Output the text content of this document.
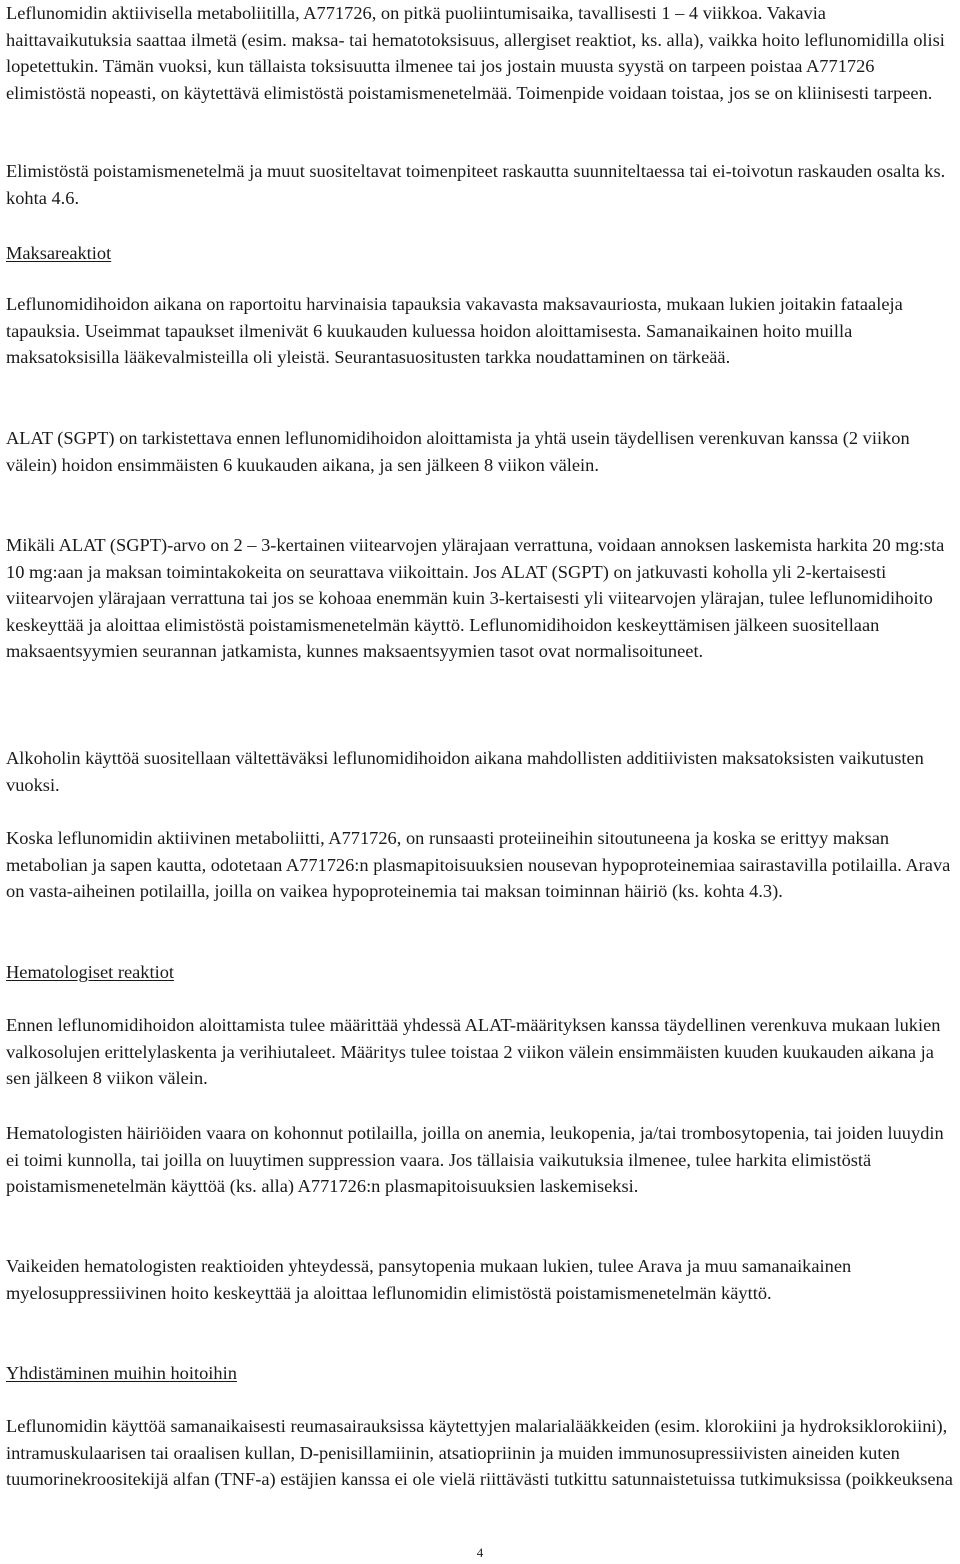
Leflunomidin aktiivisella metaboliitilla, A771726, on pitkä puoliintumisaika, tavallisesti 1 – 4 viikkoa. Vakavia haittavaikutuksia saattaa ilmetä (esim. maksa- tai hematotoksisuus, allergiset reaktiot, ks. alla), vaikka hoito leflunomidilla olisi lopetettukin. Tämän vuoksi, kun tällaista toksisuutta ilmenee tai jos jostain muusta syystä on tarpeen poistaa A771726 elimistöstä nopeasti, on käytettävä elimistöstä poistamismenetelmää. Toimenpide voidaan toistaa, jos se on kliinisesti tarpeen.

Elimistöstä poistamismenetelmä ja muut suositeltavat toimenpiteet raskautta suunniteltaessa tai ei-toivotun raskauden osalta ks. kohta 4.6.

Maksareaktiot

Leflunomidihoidon aikana on raportoitu harvinaisia tapauksia vakavasta maksavauriosta, mukaan lukien joitakin fataaleja tapauksia. Useimmat tapaukset ilmenivät 6 kuukauden kuluessa hoidon aloittamisesta. Samanaikainen hoito muilla maksatoksisilla lääkevalmisteilla oli yleistä. Seurantasuositusten tarkka noudattaminen on tärkeää.

ALAT (SGPT) on tarkistettava ennen leflunomidihoidon aloittamista ja yhtä usein täydellisen verenkuvan kanssa (2 viikon välein) hoidon ensimmäisten 6 kuukauden aikana, ja sen jälkeen 8 viikon välein.

Mikäli ALAT (SGPT)-arvo on 2 – 3-kertainen viitearvojen ylärajaan verrattuna, voidaan annoksen laskemista harkita 20 mg:sta 10 mg:aan ja maksan toimintakokeita on seurattava viikoittain. Jos ALAT (SGPT) on jatkuvasti koholla yli 2-kertaisesti viitearvojen ylärajaan verrattuna tai jos se kohoaa enemmän kuin 3-kertaisesti yli viitearvojen ylärajan, tulee leflunomidihoito keskeyttää ja aloittaa elimistöstä poistamismenetelmän käyttö. Leflunomidihoidon keskeyttämisen jälkeen suositellaan maksaentsyymien seurannan jatkamista, kunnes maksaentsyymien tasot ovat normalisoituneet.

Alkoholin käyttöä suositellaan vältettäväksi leflunomidihoidon aikana mahdollisten additiivisten maksatoksisten vaikutusten vuoksi.

Koska leflunomidin aktiivinen metaboliitti, A771726, on runsaasti proteiineihin sitoutuneena ja koska se erittyy maksan metabolian ja sapen kautta, odotetaan A771726:n plasmapitoisuuksien nousevan hypoproteinemiaa sairastavilla potilailla. Arava on vasta-aiheinen potilailla, joilla on vaikea hypoproteinemia tai maksan toiminnan häiriö (ks. kohta 4.3).

Hematologiset reaktiot

Ennen leflunomidihoidon aloittamista tulee määrittää yhdessä ALAT-määrityksen kanssa täydellinen verenkuva mukaan lukien valkosolujen erittelylaskenta ja verihiutaleet. Määritys tulee toistaa 2 viikon välein ensimmäisten kuuden kuukauden aikana ja sen jälkeen 8 viikon välein.

Hematologisten häiriöiden vaara on kohonnut potilailla, joilla on anemia, leukopenia, ja/tai trombosytopenia, tai joiden luuydin ei toimi kunnolla, tai joilla on luuytimen suppression vaara. Jos tällaisia vaikutuksia ilmenee, tulee harkita elimistöstä poistamismenetelmän käyttöä (ks. alla) A771726:n plasmapitoisuuksien laskemiseksi.

Vaikeiden hematologisten reaktioiden yhteydessä, pansytopenia mukaan lukien, tulee Arava ja muu samanaikainen myelosuppressiivinen hoito keskeyttää ja aloittaa leflunomidin elimistöstä poistamismenetelmän käyttö.

Yhdistäminen muihin hoitoihin

Leflunomidin käyttöä samanaikaisesti reumasairauksissa käytettyjen malarialääkkeiden (esim. klorokiini ja hydroksiklorokiini), intramuskulaarisen tai oraalisen kullan, D-penisillamiinin, atsatiopriinin ja muiden immunosupressiivisten aineiden kuten tuumorinekroositekijä alfan (TNF-a) estäjien kanssa ei ole vielä riittävästi tutkittu satunnaistetuissa tutkimuksissa (poikkeuksena

4
